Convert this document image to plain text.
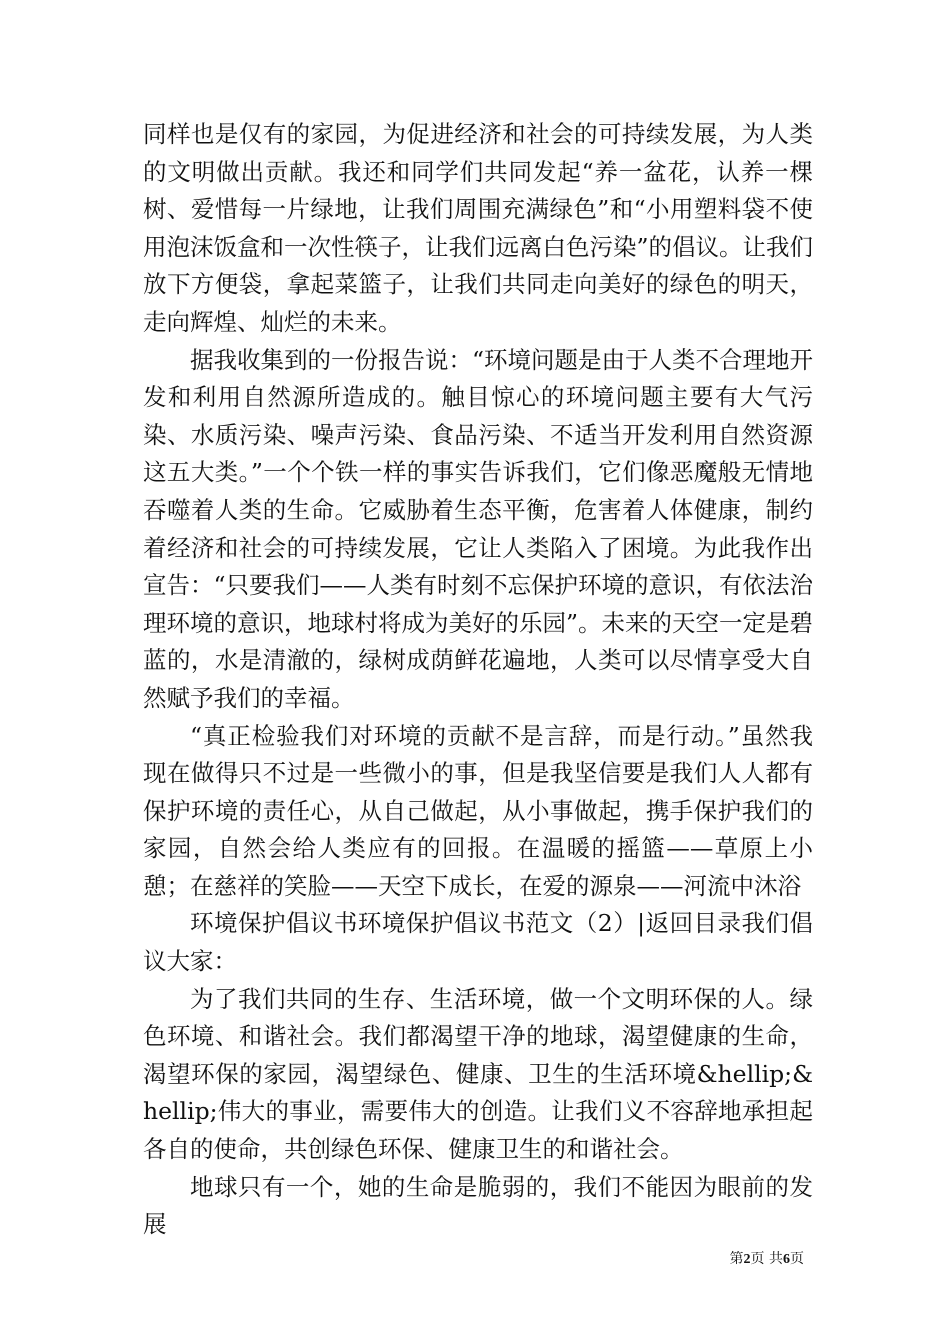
同样也是仅有的家园，为促进经济和社会的可持续发展，为人类的文明做出贡献。我还和同学们共同发起“养一盆花，认养一棵树、爱惜每一片绿地，让我们周围充满绿色”和“小用塑料袋不使用泡沫饭盒和一次性筷子，让我们远离白色污染”的倡议。让我们放下方便袋，拿起菜篮子，让我们共同走向美好的绿色的明天，走向辉煌、灿烂的未来。

据我收集到的一份报告说：“环境问题是由于人类不合理地开发和利用自然源所造成的。触目惊心的环境问题主要有大气污染、水质污染、噪声污染、食品污染、不适当开发利用自然资源这五大类。”一个个铁一样的事实告诉我们，它们像恶魔般无情地吞噬着人类的生命。它威胁着生态平衡，危害着人体健康，制约着经济和社会的可持续发展，它让人类陷入了困境。为此我作出宣告：“只要我们——人类有时刻不忘保护环境的意识，有依法治理环境的意识，地球村将成为美好的乐园”。未来的天空一定是碧蓝的，水是清澈的，绿树成荫鲜花遍地，人类可以尽情享受大自然赋予我们的幸福。

“真正检验我们对环境的贡献不是言辞，而是行动。”虽然我现在做得只不过是一些微小的事，但是我坚信要是我们人人都有保护环境的责任心，从自己做起，从小事做起，携手保护我们的家园，自然会给人类应有的回报。在温暖的摇篮——草原上小憩；在慈祥的笑脸——天空下成长，在爱的源泉——河流中沐浴

环境保护倡议书环境保护倡议书范文（2）|返回目录我们倡议大家：

为了我们共同的生存、生活环境，做一个文明环保的人。绿色环境、和谐社会。我们都渴望干净的地球，渴望健康的生命，渴望环保的家园，渴望绿色、健康、卫生的生活环境&hellip;&hellip;伟大的事业，需要伟大的创造。让我们义不容辞地承担起各自的使命，共创绿色环保、健康卫生的和谐社会。

地球只有一个，她的生命是脆弱的，我们不能因为眼前的发展

第2页 共6页
